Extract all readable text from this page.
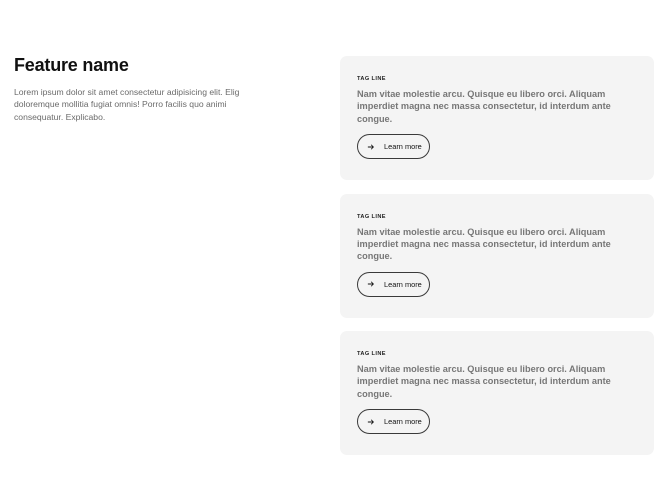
Feature name

Lorem ipsum dolor sit amet consectetur adipisicing elit. Elig doloremque mollitia fugiat omnis! Porro facilis quo animi consequatur. Explicabo.

TAG LINE

Nam vitae molestie arcu. Quisque eu libero orci. Aliquam imperdiet magna nec massa consectetur, id interdum ante congue.

Learn more
TAG LINE

Nam vitae molestie arcu. Quisque eu libero orci. Aliquam imperdiet magna nec massa consectetur, id interdum ante congue.

Learn more
TAG LINE

Nam vitae molestie arcu. Quisque eu libero orci. Aliquam imperdiet magna nec massa consectetur, id interdum ante congue.

Learn more
